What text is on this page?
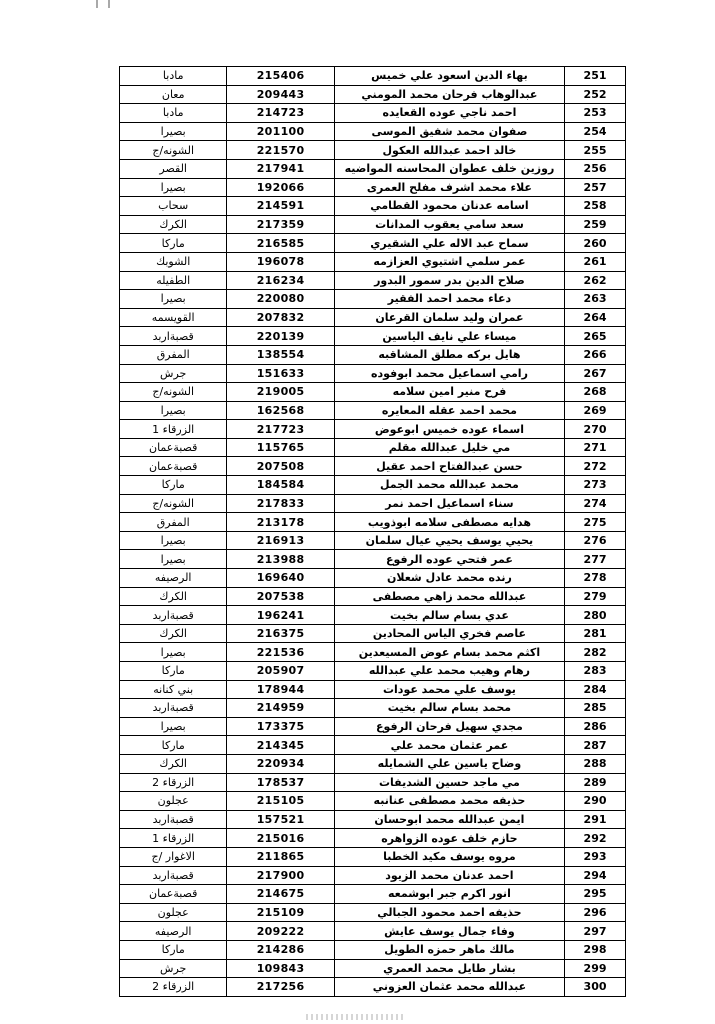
مادبا	215406	بهاء الدين اسعود علي خميس	251
معان	209443	عبدالوهاب فرحان محمد المومني	252
مادبا	214723	احمد ناجي عوده القعايده	253
بصيرا	201100	صفوان محمد شفيق الموسى	254
الشونه/ج	221570	خالد احمد عبدالله العكول	255
القصر	217941	روزين خلف عطوان المحاسنه المواضيه	256
بصيرا	192066	علاء محمد اشرف مفلح العمرى	257
سحاب	214591	اسامه عدنان محمود القطامي	258
الكرك	217359	سعد سامي يعقوب المدانات	259
ماركا	216585	سماح عبد الاله علي الشقيري	260
الشوبك	196078	عمر سلمي اشتيوي العزازمه	261
الطفيله	216234	صلاح الدين بدر سمور البدور	262
بصيرا	220080	دعاء محمد احمد الفقير	263
القويسمه	207832	عمران وليد سلمان القرعان	264
قصبةاربد	220139	ميساء علي نايف الياسين	265
المفرق	138554	هايل بركه مطلق المشاقبه	266
جرش	151633	رامي اسماعيل محمد ابوفوده	267
الشونه/ج	219005	فرح منير امين سلامه	268
بصيرا	162568	محمد احمد عقله المعايره	269
الزرقاء 1	217723	اسماء عوده خميس ابوعوض	270
قصبةعمان	115765	مي خليل عبدالله مقلم	271
قصبةعمان	207508	حسن عبدالفتاح احمد عقيل	272
ماركا	184584	محمد عبدالله محمد الجمل	273
الشونه/ج	217833	سناء اسماعيل احمد نمر	274
المفرق	213178	هدايه مصطفى سلامه ابوذويب	275
بصيرا	216913	يحيي يوسف يحيي عيال سلمان	276
بصيرا	213988	عمر فتحي عوده الرفوع	277
الرصيفه	169640	رنده محمد عادل شعلان	278
الكرك	207538	عبدالله محمد زاهي مصطفى	279
قصبةاربد	196241	عدي بسام سالم بخيت	280
الكرك	216375	عاصم فخري الياس المحادين	281
بصيرا	221536	اكثم محمد بسام عوض المسيعدين	282
ماركا	205907	رهام وهيب محمد علي عبدالله	283
بني كنانه	178944	يوسف علي محمد عودات	284
قصبةاربد	214959	محمد بسام سالم بخيت	285
بصيرا	173375	مجدي سهيل فرحان الرفوع	286
ماركا	214345	عمر عثمان محمد علي	287
الكرك	220934	وضاح ياسين علي الشمايله	288
الزرقاء 2	178537	مي ماجد حسين الشديفات	289
عجلون	215105	حذيفه محمد مصطفى عنانبه	290
قصبةاربد	157521	ايمن عبدالله محمد ابوحسان	291
الزرقاء 1	215016	حازم خلف عوده الزواهره	292
الاغوار /ج	211865	مروه يوسف مكيد الخطبا	293
قصبةاربد	217900	احمد عدنان محمد الزيود	294
قصبةعمان	214675	انور اكرم جبر ابوشمعه	295
عجلون	215109	حذيفه احمد محمود الجبالي	296
الرصيفه	209222	وفاء جمال يوسف عايش	297
ماركا	214286	مالك ماهر حمزه الطويل	298
جرش	109843	بشار طايل محمد العمري	299
الزرقاء 2	217256	عبدالله محمد عثمان العزوني	300
